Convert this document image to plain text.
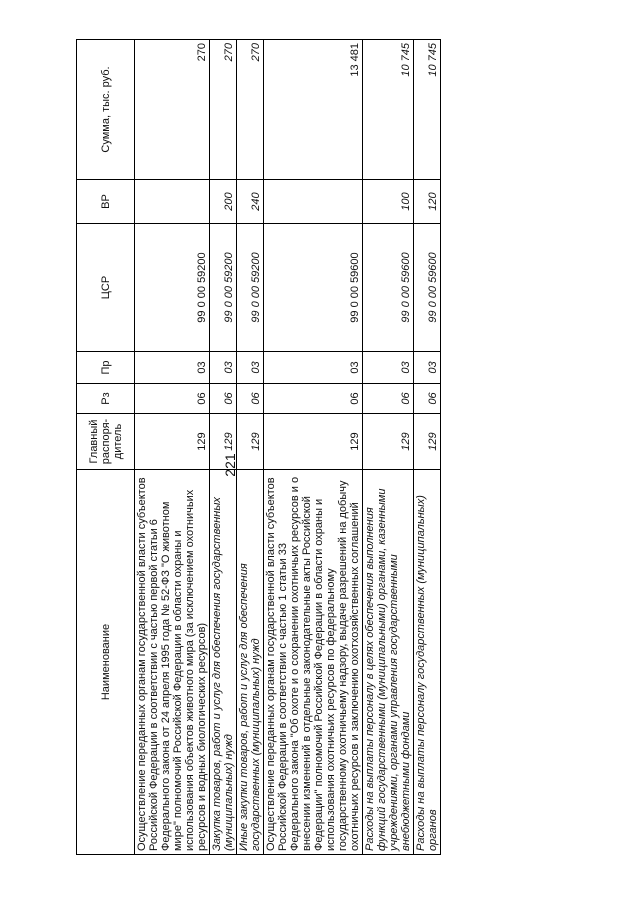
221
Наименование	Главный распоря-дитель	Рз	Пр	ЦСР	ВР	Сумма, тыс. руб.
Осуществление переданных органам государственной власти субъектов Российской Федерации в соответствии с частью первой статьи 6 Федерального закона от 24 апреля 1995 года № 52-ФЗ "О животном мире" полномочий Российской Федерации в области охраны и использования объектов животного мира (за исключением охотничьих ресурсов и водных биологических ресурсов)	129	06	03	99 0 00 59200		270
Закупка товаров, работ и услуг для обеспечения государственных (муниципальных) нужд	129	06	03	99 0 00 59200	200	270
Иные закупки товаров, работ и услуг для обеспечения государственных (муниципальных) нужд	129	06	03	99 0 00 59200	240	270
Осуществление переданных органам государственной власти субъектов Российской Федерации в соответствии с частью 1 статьи 33 Федерального закона "Об охоте и о сохранении охотничьих ресурсов и о внесении изменений в отдельные законодательные акты Российской Федерации" полномочий Российской Федерации в области охраны и использования охотничьих ресурсов по федеральному государственному охотничьему надзору, выдаче разрешений на добычу охотничьих ресурсов и заключению охотхозяйственных соглашений	129	06	03	99 0 00 59600		13 481
Расходы на выплаты персоналу в целях обеспечения выполнения функций государственными (муниципальными) органами, казенными учреждениями, органами управления государственными внебюджетными фондами	129	06	03	99 0 00 59600	100	10 745
Расходы на выплаты персоналу государственных (муниципальных) органов	129	06	03	99 0 00 59600	120	10 745
